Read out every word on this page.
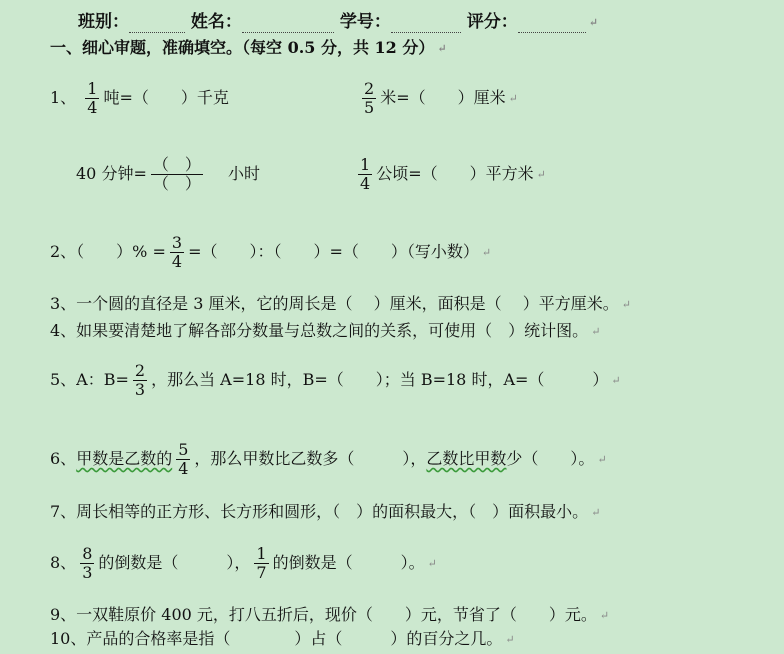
班别：	姓名：	学号：	评分：	↵
一、细心审题，准确填空。（每空 0.5 分，共 12 分） ↵
1、 $\frac{1}{4}$ 吨=（　　）千克	$\frac{2}{5}$ 米=（　　）厘米 ↵
40 分钟= $\frac{( )}{( )}$ 小时	$\frac{1}{4}$ 公顷=（　　）平方米 ↵
2、（　　）% = $\frac{3}{4}$ =（　　）：（　　）=（　　）（写小数） ↵
3、一个圆的直径是 3 厘米，它的周长是（　 ）厘米，面积是（　 ）平方厘米。 ↵
4、如果要清楚地了解各部分数量与总数之间的关系，可使用（　）统计图。 ↵
5、A：$B= \frac{2}{3}$ ，那么当 A=18 时，B=（　　）；当 B=18 时，A=（　　　） ↵
6、甲数是乙数的 $\frac{5}{4}$ ，那么甲数比乙数多（　　　），乙数比甲数少（　　）。 ↵
7、周长相等的正方形、长方形和圆形，（　）的面积最大，（　）面积最小。 ↵
8、 $\frac{8}{3}$ 的倒数是（　　　）， $\frac{1}{7}$ 的倒数是（　　　）。 ↵
9、一双鞋原价 400 元，打八五折后，现价（　　）元，节省了（　　）元。 ↵
10、产品的合格率是指（　　　　）占（　　　）的百分之几。 ↵
